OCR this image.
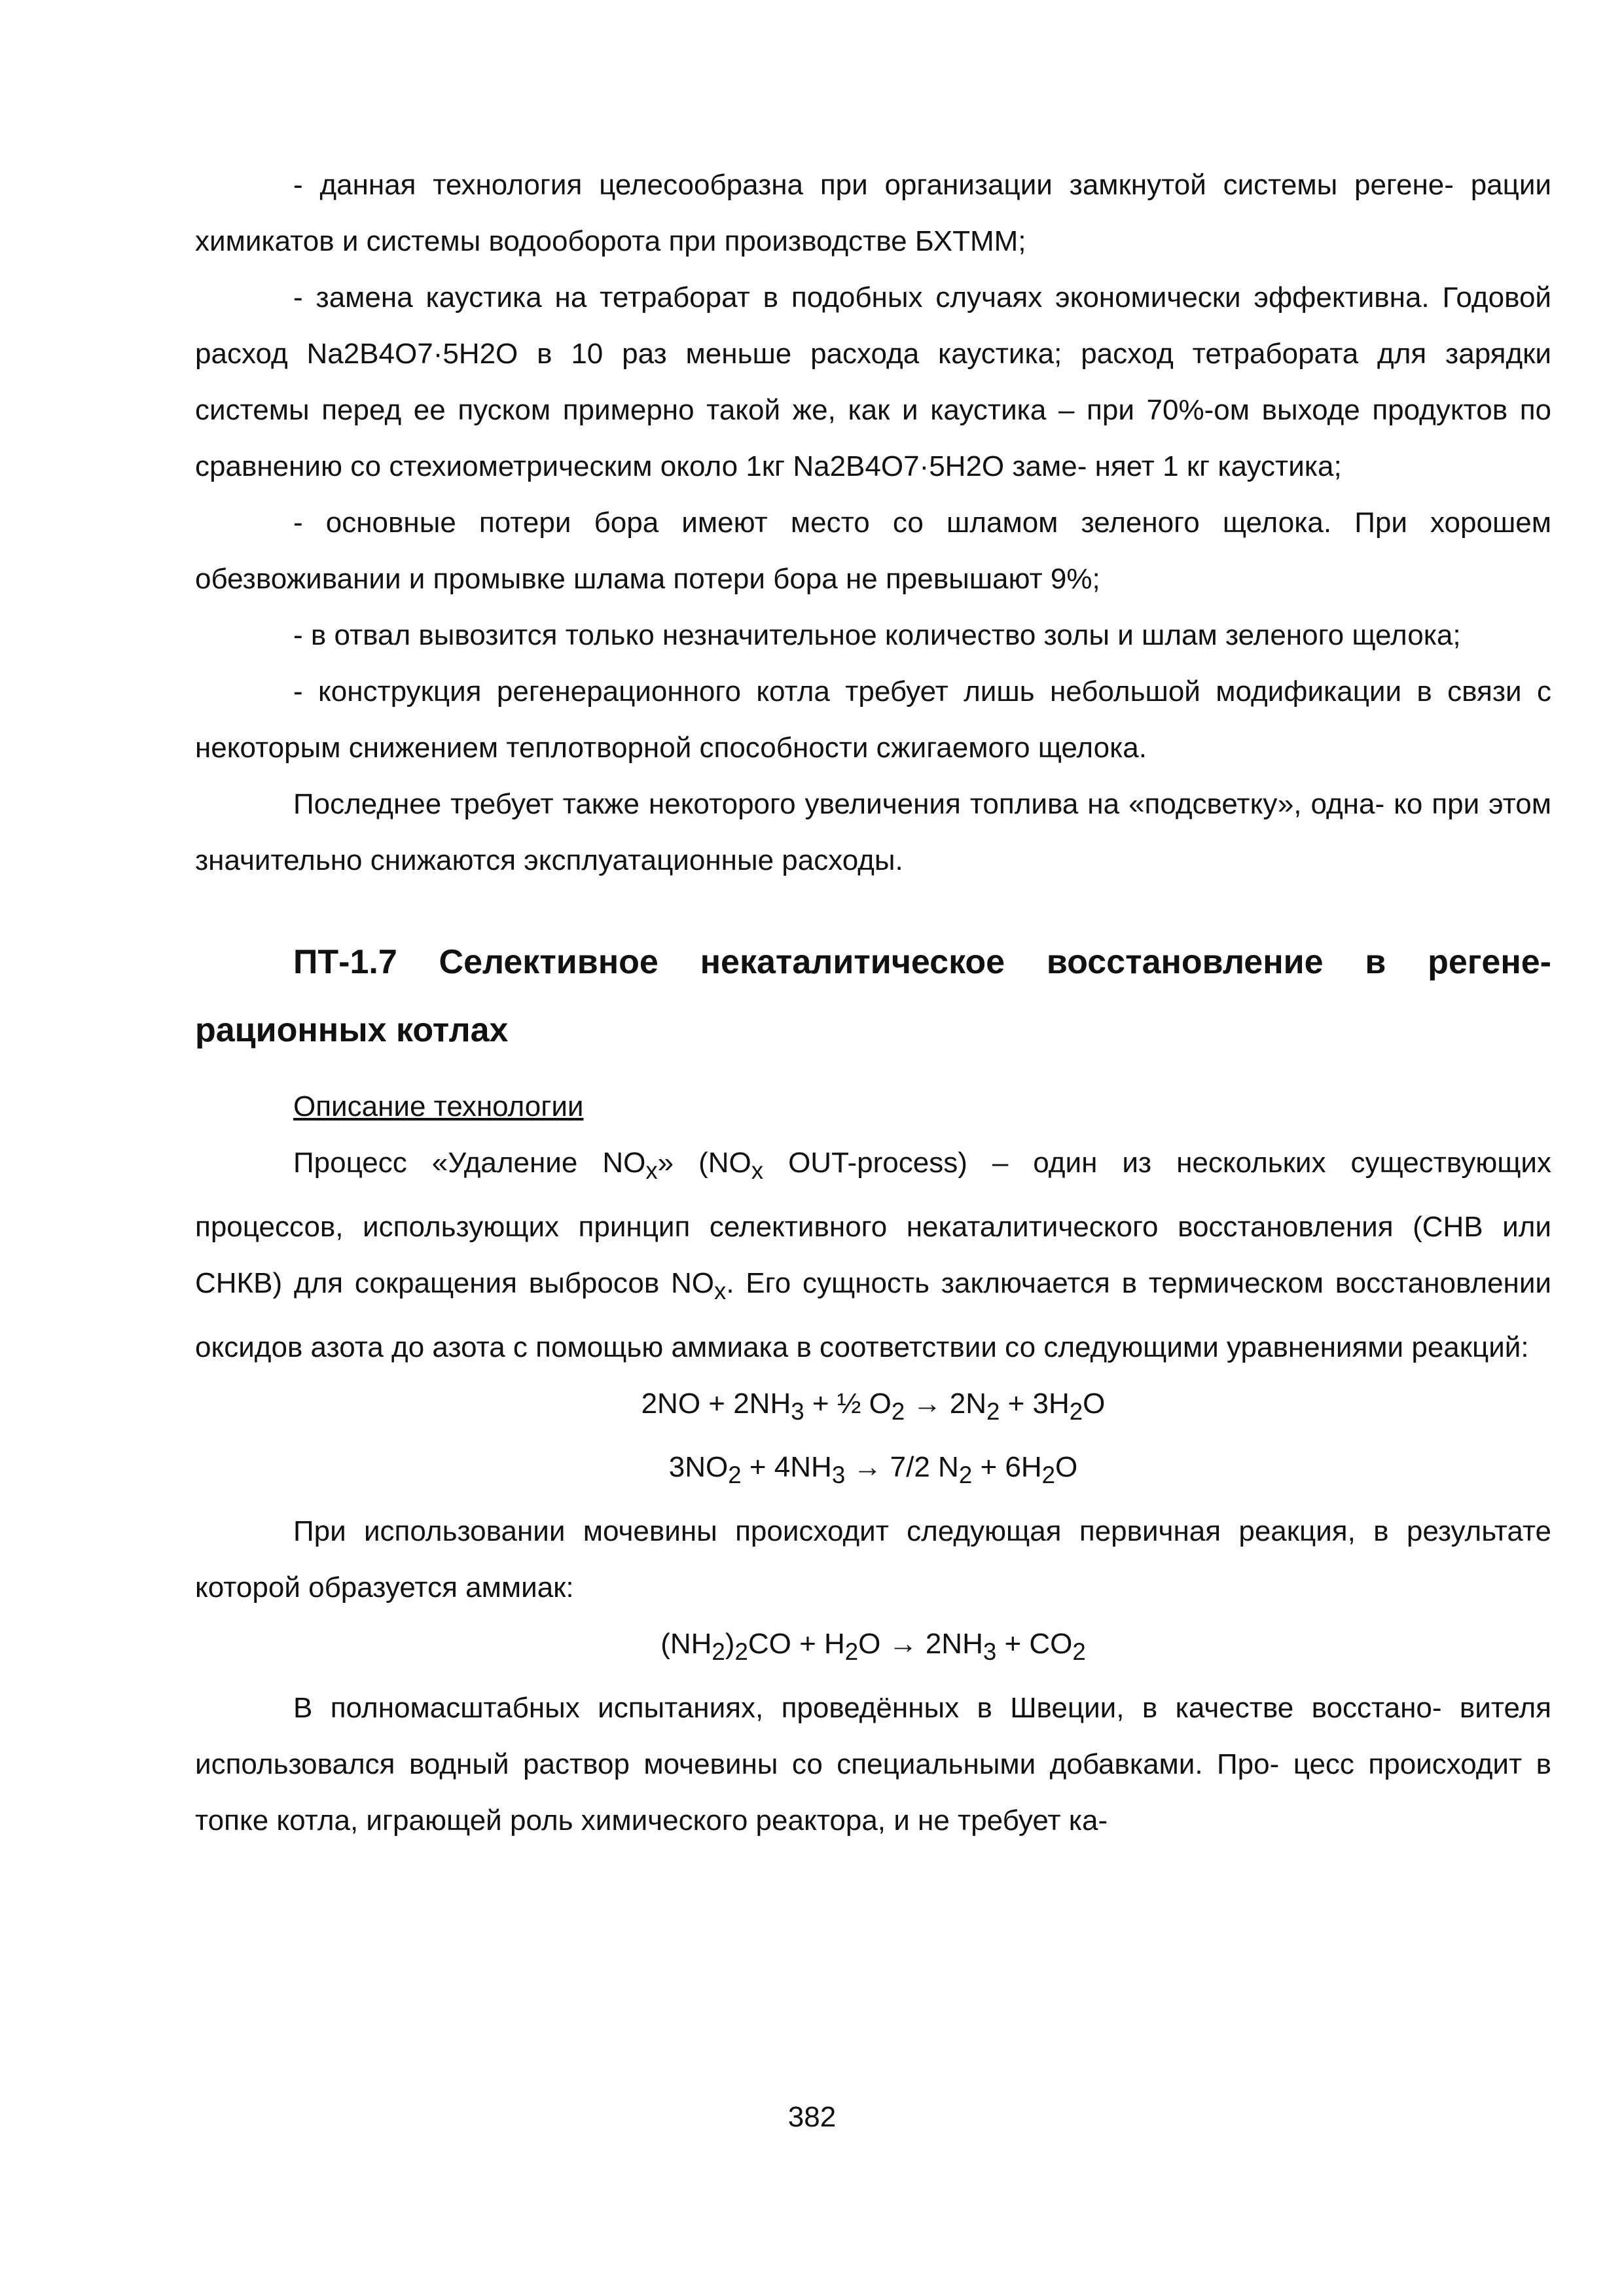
- данная технология целесообразна при организации замкнутой системы регене- рации химикатов и системы водооборота при производстве БХТММ;

- замена каустика на тетраборат в подобных случаях экономически эффективна. Годовой расход Na2B4O7·5H2O в 10 раз меньше расхода каустика; расход тетрабората для зарядки системы перед ее пуском примерно такой же, как и каустика – при 70%-ом выходе продуктов по сравнению со стехиометрическим около 1кг Na2B4O7·5H2O заме- няет 1 кг каустика;

- основные потери бора имеют место со шламом зеленого щелока. При хорошем обезвоживании и промывке шлама потери бора не превышают 9%;

- в отвал вывозится только незначительное количество золы и шлам зеленого щелока;

- конструкция регенерационного котла требует лишь небольшой модификации в связи с некоторым снижением теплотворной способности сжигаемого щелока.

Последнее требует также некоторого увеличения топлива на «подсветку», одна- ко при этом значительно снижаются эксплуатационные расходы.

ПТ-1.7 Селективное некаталитическое восстановление в регене- рационных котлах
Описание технологии

Процесс «Удаление $NO_x$» ($NO_x$ OUT-process) – один из нескольких существующих процессов, использующих принцип селективного некаталитического восстановления (СНВ или СНКВ) для сокращения выбросов $NO_x$. Его сущность заключается в термическом восстановлении оксидов азота до азота с помощью аммиака в соответствии со следующими уравнениями реакций:

$2NO + 2NH_3$ + ½ $O_2 \to 2N_2 + 3H_2O$
$3NO_2 + 4NH_3 \to 7/2$ $N_2 + 6H_2O$

При использовании мочевины происходит следующая первичная реакция, в результате которой образуется аммиак:

$(NH_2)_2CO + H_2O \to 2NH_3 + CO_2$

В полномасштабных испытаниях, проведённых в Швеции, в качестве восстано- вителя использовался водный раствор мочевины со специальными добавками. Про- цесс происходит в топке котла, играющей роль химического реактора, и не требует ка-

382
